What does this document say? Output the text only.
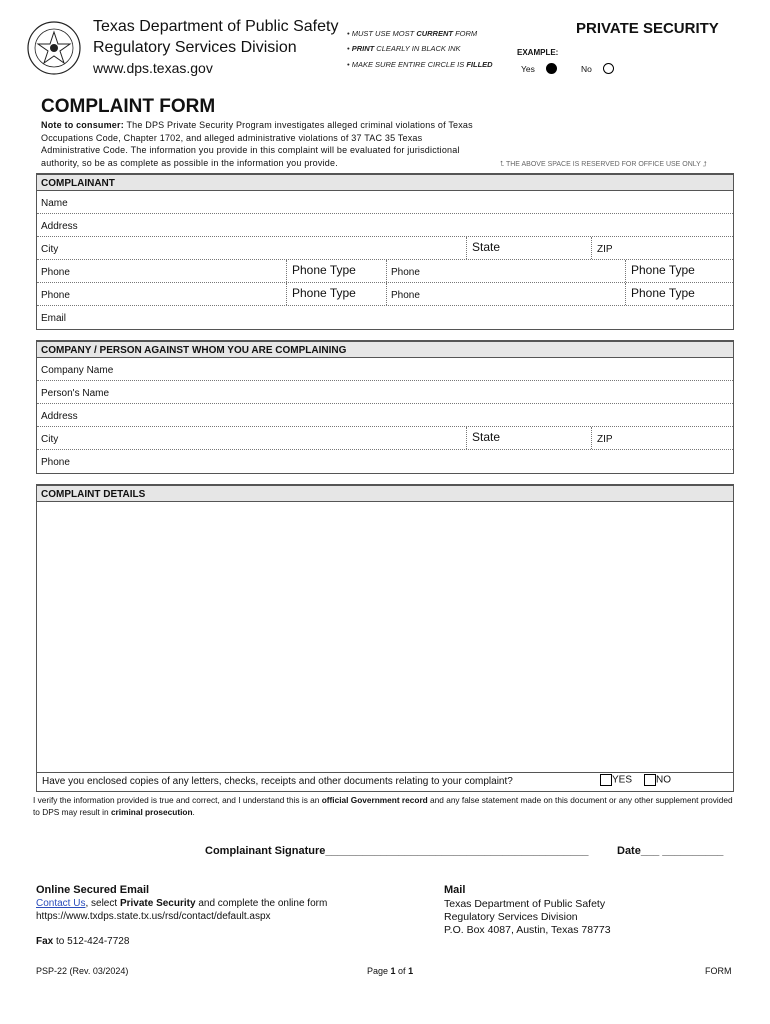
Texas Department of Public Safety
Regulatory Services Division
www.dps.texas.gov
• MUST USE MOST CURRENT FORM
• PRINT CLEARLY IN BLACK INK
• MAKE SURE ENTIRE CIRCLE IS FILLED
PRIVATE SECURITY
EXAMPLE:
Yes	No
COMPLAINT FORM
Note to consumer: The DPS Private Security Program investigates alleged criminal violations of Texas Occupations Code, Chapter 1702, and alleged administrative violations of 37 TAC 35 Texas Administrative Code. The information you provide in this complaint will be evaluated for jurisdictional authority, so be as complete as possible in the information you provide.	⮤ THE ABOVE SPACE IS RESERVED FOR OFFICE USE ONLY ⮥
COMPLAINANT
Name
Address
City	State	ZIP
Phone	Phone Type	Phone	Phone Type
Phone	Phone Type	Phone	Phone Type
Email
COMPANY / PERSON AGAINST WHOM YOU ARE COMPLAINING
Company Name
Person's Name
Address
City	State	ZIP
Phone
COMPLAINT DETAILS
Have you enclosed copies of any letters, checks, receipts and other documents relating to your complaint?	YES	NO
I verify the information provided is true and correct, and I understand this is an official Government record and any false statement made on this document or any other supplement provided to DPS may result in criminal prosecution.
Complainant Signature___________________________________________	Date___ __________
Online Secured Email
Contact Us, select Private Security and complete the online form
https://www.txdps.state.tx.us/rsd/contact/default.aspx
Fax to 512-424-7728
Mail
Texas Department of Public Safety
Regulatory Services Division
P.O. Box 4087, Austin, Texas 78773
PSP-22 (Rev. 03/2024)	Page 1 of 1	FORM
